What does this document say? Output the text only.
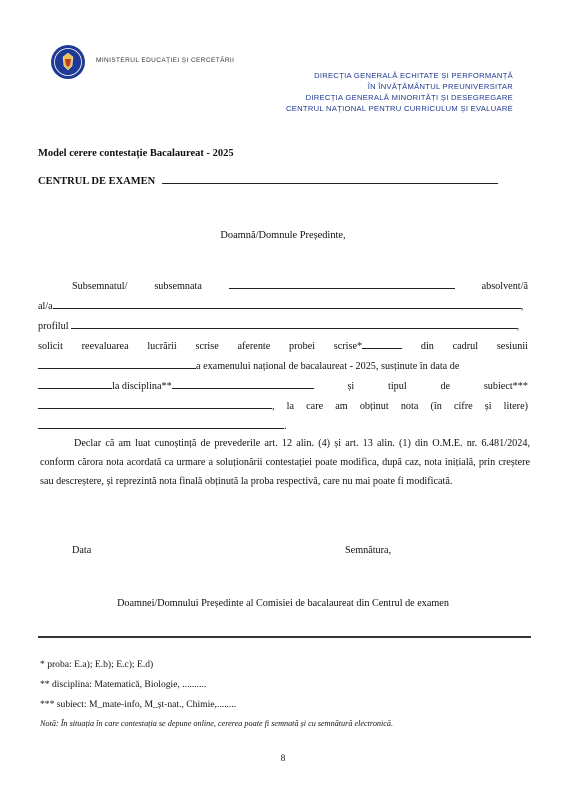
MINISTERUL EDUCAȚIEI ȘI CERCETĂRII
DIRECȚIA GENERALĂ ECHITATE ȘI PERFORMANȚĂ
ÎN ÎNVĂȚĂMÂNTUL PREUNIVERSITAR
DIRECȚIA GENERALĂ MINORITĂȚI ȘI DESEGREGARE
CENTRUL NAȚIONAL PENTRU CURRICULUM ȘI EVALUARE
Model cerere contestație Bacalaureat - 2025
CENTRUL DE EXAMEN
Doamnă/Domnule Președinte,
Subsemnatul/	subsemnata	absolvent/ă
al/a	,
profilul	,
solicit reevaluarea lucrării scrise aferente probei scrise*	din cadrul sesiunii
a examenului național de bacalaureat - 2025, susținute în data de
la disciplina**	și	tipul	de	subiect***
, la care am obținut nota (în cifre și litere)
.
Declar că am luat cunoștință de prevederile art. 12 alin. (4) și art. 13 alin. (1) din O.M.E. nr. 6.481/2024, conform cărora nota acordată ca urmare a soluționării contestației poate modifica, după caz, nota inițială, prin creștere sau descreștere, și reprezintă nota finală obținută la proba respectivă, care nu mai poate fi modificată.
Data	Semnătura,
Doamnei/Domnului Președinte al Comisiei de bacalaureat din Centrul de examen
* proba: E.a); E.b); E.c); E.d)
** disciplina: Matematică, Biologie, ..........
*** subiect: M_mate-info, M_șt-nat., Chimie,........
Notă: În situația în care contestația se depune online, cererea poate fi semnată și cu semnătură electronică.
8
